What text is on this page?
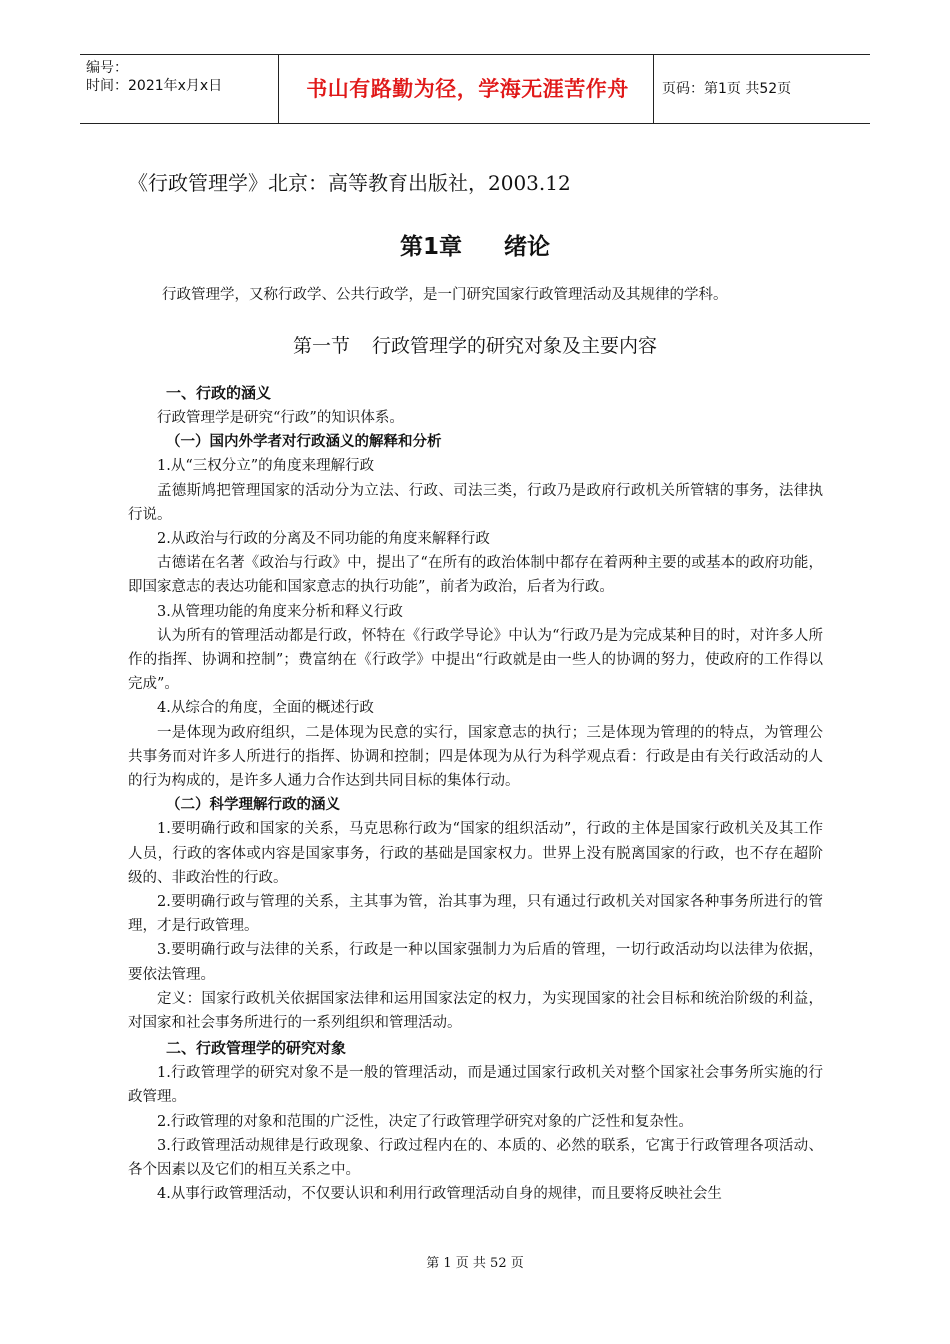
编号：
时间：2021年x月x日	书山有路勤为径，学海无涯苦作舟	页码：第1页 共52页
《行政管理学》北京：高等教育出版社，2003.12
第1章 绪论
行政管理学，又称行政学、公共行政学，是一门研究国家行政管理活动及其规律的学科。
第一节 行政管理学的研究对象及主要内容

一、行政的涵义

行政管理学是研究“行政”的知识体系。

（一）国内外学者对行政涵义的解释和分析

1.从“三权分立”的角度来理解行政

孟德斯鸠把管理国家的活动分为立法、行政、司法三类，行政乃是政府行政机关所管辖的事务，法律执行说。

2.从政治与行政的分离及不同功能的角度来解释行政

古德诺在名著《政治与行政》中，提出了“在所有的政治体制中都存在着两种主要的或基本的政府功能，即国家意志的表达功能和国家意志的执行功能”，前者为政治，后者为行政。

3.从管理功能的角度来分析和释义行政

认为所有的管理活动都是行政，怀特在《行政学导论》中认为“行政乃是为完成某种目的时，对许多人所作的指挥、协调和控制”；费富纳在《行政学》中提出“行政就是由一些人的协调的努力，使政府的工作得以完成”。

4.从综合的角度，全面的概述行政

一是体现为政府组织，二是体现为民意的实行，国家意志的执行；三是体现为管理的的特点，为管理公共事务而对许多人所进行的指挥、协调和控制；四是体现为从行为科学观点看：行政是由有关行政活动的人的行为构成的，是许多人通力合作达到共同目标的集体行动。

（二）科学理解行政的涵义

1.要明确行政和国家的关系，马克思称行政为“国家的组织活动”，行政的主体是国家行政机关及其工作人员，行政的客体或内容是国家事务，行政的基础是国家权力。世界上没有脱离国家的行政，也不存在超阶级的、非政治性的行政。

2.要明确行政与管理的关系，主其事为管，治其事为理，只有通过行政机关对国家各种事务所进行的管理，才是行政管理。

3.要明确行政与法律的关系，行政是一种以国家强制力为后盾的管理，一切行政活动均以法律为依据，要依法管理。

定义：国家行政机关依据国家法律和运用国家法定的权力，为实现国家的社会目标和统治阶级的利益，对国家和社会事务所进行的一系列组织和管理活动。

二、行政管理学的研究对象

1.行政管理学的研究对象不是一般的管理活动，而是通过国家行政机关对整个国家社会事务所实施的行政管理。

2.行政管理的对象和范围的广泛性，决定了行政管理学研究对象的广泛性和复杂性。

3.行政管理活动规律是行政现象、行政过程内在的、本质的、必然的联系，它寓于行政管理各项活动、各个因素以及它们的相互关系之中。

4.从事行政管理活动，不仅要认识和利用行政管理活动自身的规律，而且要将反映社会生

第 1 页 共 52 页
